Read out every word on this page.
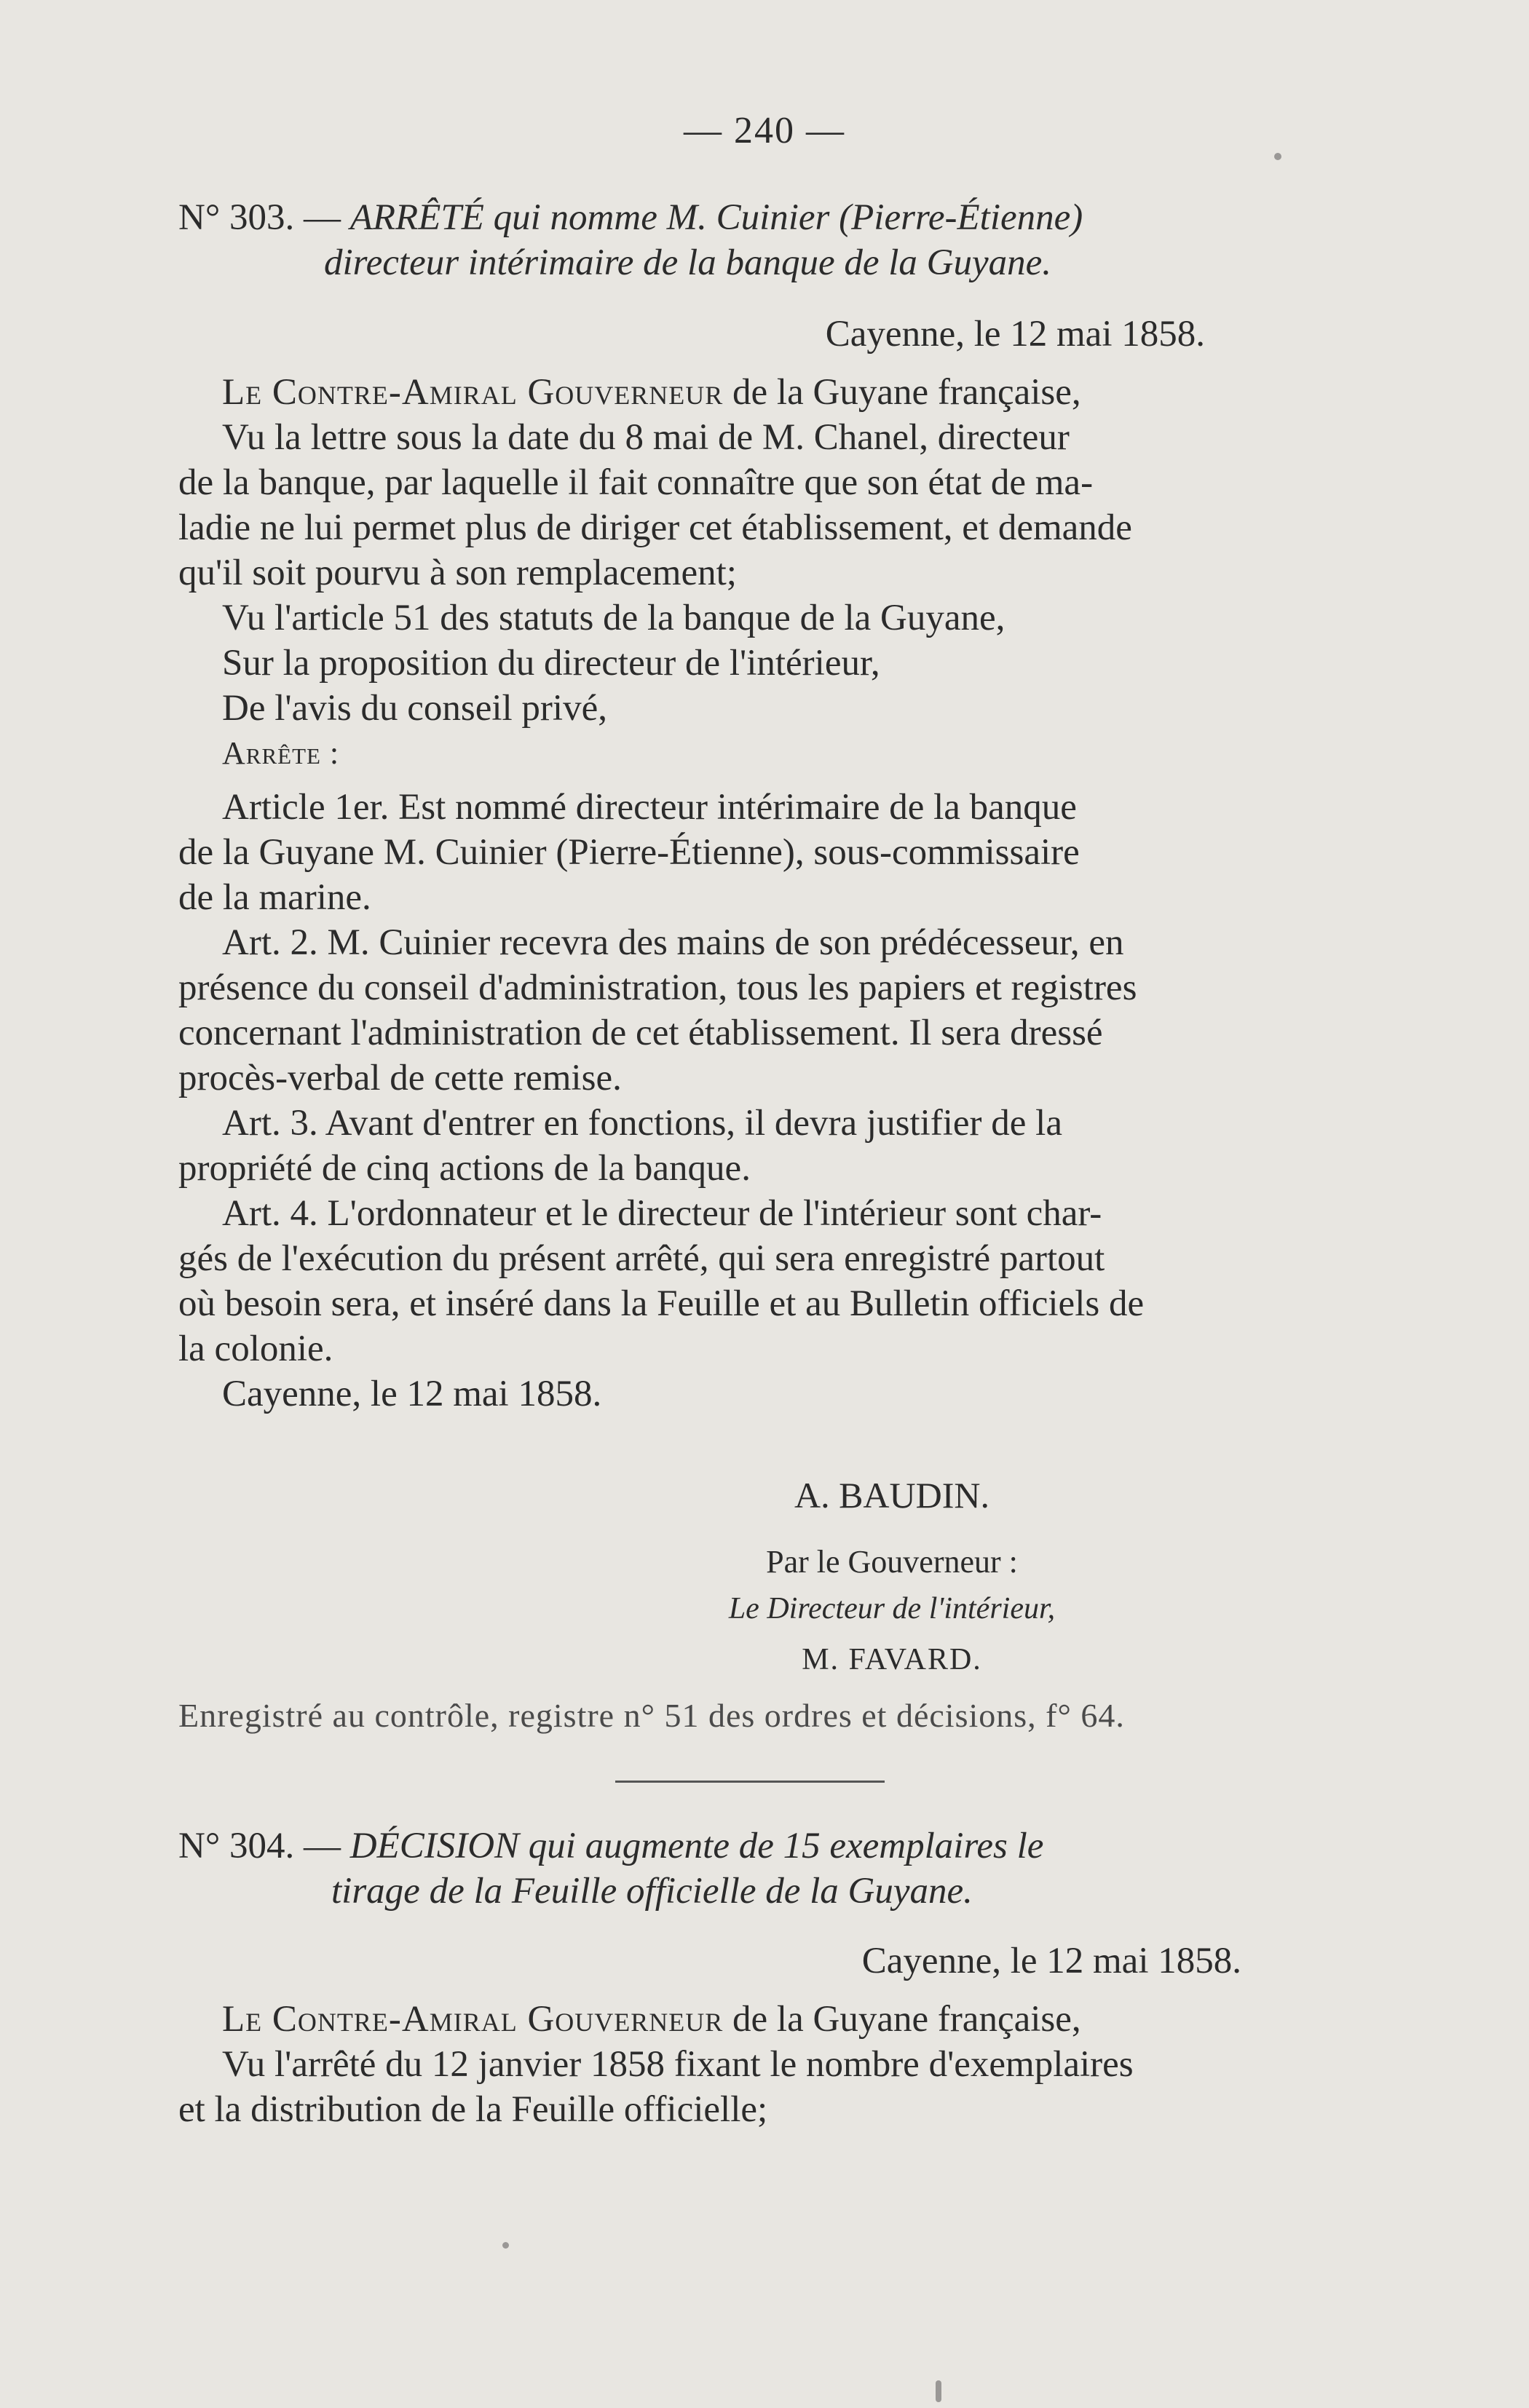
— 240 —
N° 303. — ARRÊTÉ qui nomme M. Cuinier (Pierre-Étienne)
directeur intérimaire de la banque de la Guyane.
Cayenne, le 12 mai 1858.
Le Contre-Amiral Gouverneur de la Guyane française,
Vu la lettre sous la date du 8 mai de M. Chanel, directeur
de la banque, par laquelle il fait connaître que son état de ma-
ladie ne lui permet plus de diriger cet établissement, et demande
qu'il soit pourvu à son remplacement;
Vu l'article 51 des statuts de la banque de la Guyane,
Sur la proposition du directeur de l'intérieur,
De l'avis du conseil privé,
Arrête :
Article 1er. Est nommé directeur intérimaire de la banque
de la Guyane M. Cuinier (Pierre-Étienne), sous-commissaire
de la marine.
Art. 2. M. Cuinier recevra des mains de son prédécesseur, en
présence du conseil d'administration, tous les papiers et registres
concernant l'administration de cet établissement. Il sera dressé
procès-verbal de cette remise.
Art. 3. Avant d'entrer en fonctions, il devra justifier de la
propriété de cinq actions de la banque.
Art. 4. L'ordonnateur et le directeur de l'intérieur sont char-
gés de l'exécution du présent arrêté, qui sera enregistré partout
où besoin sera, et inséré dans la Feuille et au Bulletin officiels de
la colonie.
Cayenne, le 12 mai 1858.
A. BAUDIN.
Par le Gouverneur :
Le Directeur de l'intérieur,
M. FAVARD.
Enregistré au contrôle, registre n° 51 des ordres et décisions, f° 64.
N° 304. — DÉCISION qui augmente de 15 exemplaires le
tirage de la Feuille officielle de la Guyane.
Cayenne, le 12 mai 1858.
Le Contre-Amiral Gouverneur de la Guyane française,
Vu l'arrêté du 12 janvier 1858 fixant le nombre d'exemplaires
et la distribution de la Feuille officielle;
